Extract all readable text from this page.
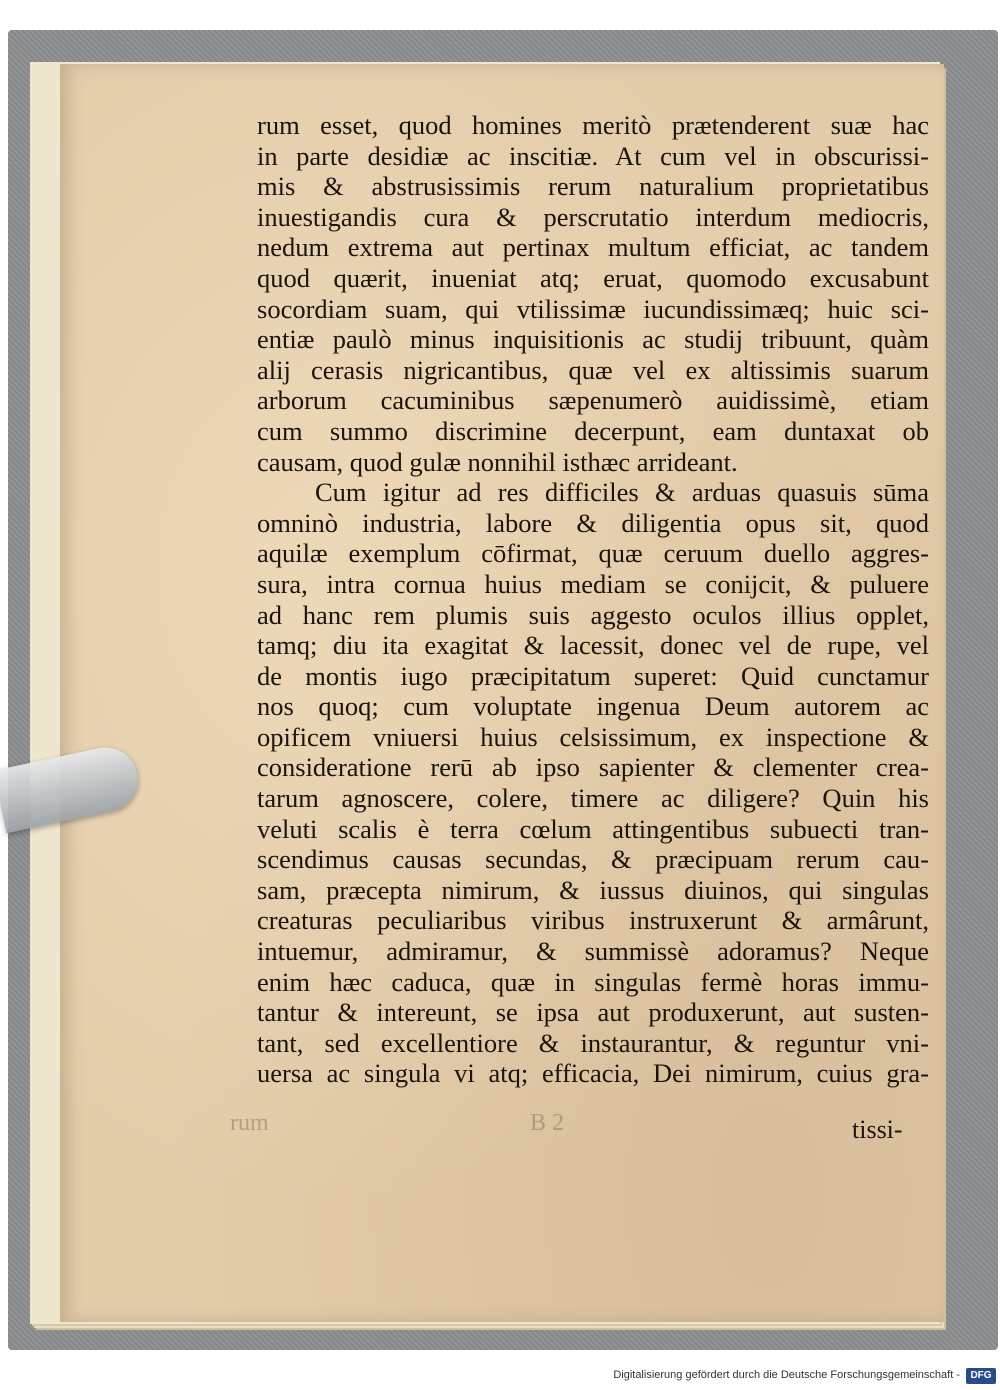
rum	B 2
rum esset, quod homines meritò prætenderent suæ hac
in parte desidiæ ac inscitiæ. At cum vel in obscurissi-
mis & abstrusissimis rerum naturalium proprietatibus
inuestigandis cura & perscrutatio interdum mediocris,
nedum extrema aut pertinax multum efficiat, ac tandem
quod quærit, inueniat atq; eruat, quomodo excusabunt
socordiam suam, qui vtilissimæ iucundissimæq; huic sci-
entiæ paulò minus inquisitionis ac studij tribuunt, quàm
alij cerasis nigricantibus, quæ vel ex altissimis suarum
arborum cacuminibus sæpenumerò auidissimè, etiam
cum summo discrimine decerpunt, eam duntaxat ob
causam, quod gulæ nonnihil isthæc arrideant.
Cum igitur ad res difficiles & arduas quasuis sūma
omninò industria, labore & diligentia opus sit, quod
aquilæ exemplum cōfirmat, quæ ceruum duello aggres-
sura, intra cornua huius mediam se conijcit, & puluere
ad hanc rem plumis suis aggesto oculos illius opplet,
tamq; diu ita exagitat & lacessit, donec vel de rupe, vel
de montis iugo præcipitatum superet: Quid cunctamur
nos quoq; cum voluptate ingenua Deum autorem ac
opificem vniuersi huius celsissimum, ex inspectione &
consideratione rerū ab ipso sapienter & clementer crea-
tarum agnoscere, colere, timere ac diligere? Quin his
veluti scalis è terra cœlum attingentibus subuecti tran-
scendimus causas secundas, & præcipuam rerum cau-
sam, præcepta nimirum, & iussus diuinos, qui singulas
creaturas peculiaribus viribus instruxerunt & armârunt,
intuemur, admiramur, & summissè adoramus? Neque
enim hæc caduca, quæ in singulas fermè horas immu-
tantur & intereunt, se ipsa aut produxerunt, aut susten-
tant, sed excellentiore & instaurantur, & reguntur vni-
uersa ac singula vi atq; efficacia, Dei nimirum, cuius gra-
tissi-
Digitalisierung gefördert durch die Deutsche Forschungsgemeinschaft -	DFG
